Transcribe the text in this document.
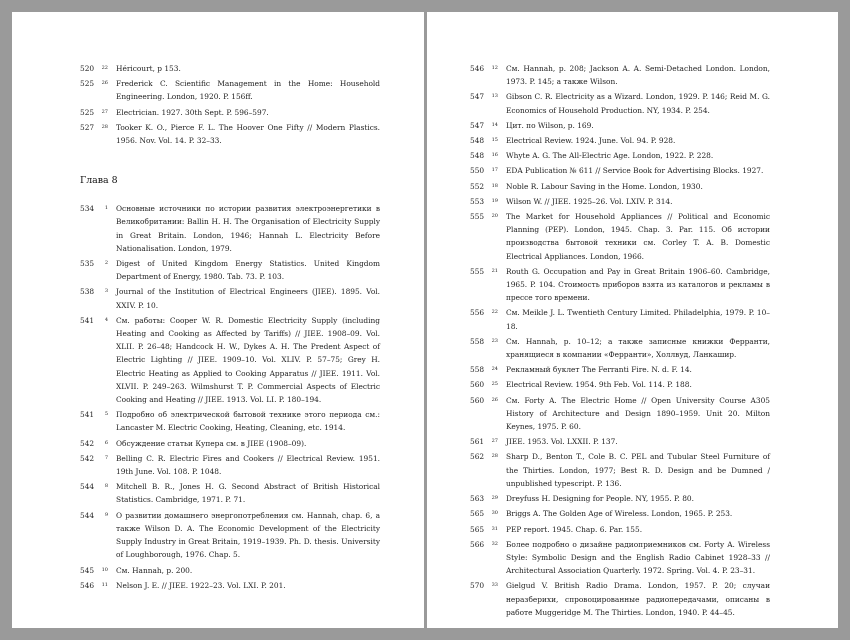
520	22 Héricourt, p 153.
525	26 Frederick C. Scientific Management in the Home: Household Engineering. London, 1920. P. 156ff.
525	27 Electrician. 1927. 30th Sept. P. 596–597.
527	28 Tooker K. O., Pierce F. L. The Hoover One Fifty // Modern Plastics. 1956. Nov. Vol. 14. P. 32–33.
Глава 8
534	1 Основные источники по истории развития электроэнергетики в Великобритании: Ballin H. H. The Organisation of Electricity Supply in Great Britain. London, 1946; Hannah L. Electricity Before Nationalisation. London, 1979.
535	2 Digest of United Kingdom Energy Statistics. United Kingdom Department of Energy, 1980. Tab. 73. P. 103.
538	3 Journal of the Institution of Electrical Engineers (JIEE). 1895. Vol. XXIV. P. 10.
541	4 См. работы: Cooper W. R. Domestic Electricity Supply (including Heating and Cooking as Affected by Tariffs) // JIEE. 1908–09. Vol. XLII. P. 26–48; Handcock H. W., Dykes A. H. The Predent Aspect of Electric Lighting // JIEE. 1909–10. Vol. XLIV. P. 57–75; Grey H. Electric Heating as Applied to Cooking Apparatus // JIEE. 1911. Vol. XLVII. P. 249–263. Wilmshurst T. P. Commercial Aspects of Electric Cooking and Heating // JIEE. 1913. Vol. LI. P. 180–194.
541	5 Подробно об электрической бытовой технике этого периода см.: Lancaster M. Electric Cooking, Heating, Cleaning, etc. 1914.
542	6 Обсуждение статьи Купера см. в JIEE (1908–09).
542	7 Belling C. R. Electric Fires and Cookers // Electrical Review. 1951. 19th June. Vol. 108. P. 1048.
544	8 Mitchell B. R., Jones H. G. Second Abstract of British Historical Statistics. Cambridge, 1971. P. 71.
544	9 О развитии домашнего энергопотребления см. Hannah, chap. 6, а также Wilson D. A. The Economic Development of the Electricity Supply Industry in Great Britain, 1919–1939. Ph. D. thesis. University of Loughborough, 1976. Chap. 5.
545	10 См. Hannah, p. 200.
546	11 Nelson J. E. // JIEE. 1922–23. Vol. LXI. P. 201.
546	12 См. Hannah, p. 208; Jackson A. A. Semi-Detached London. London, 1973. P. 145; а также Wilson.
547	13 Gibson C. R. Electricity as a Wizard. London, 1929. P. 146; Reid M. G. Economics of Household Production. NY, 1934. P. 254.
547	14 Цит. по Wilson, p. 169.
548	15 Electrical Review. 1924. June. Vol. 94. P. 928.
548	16 Whyte A. G. The All-Electric Age. London, 1922. P. 228.
550	17 EDA Publication № 611 // Service Book for Advertising Blocks. 1927.
552	18 Noble R. Labour Saving in the Home. London, 1930.
553	19 Wilson W. // JIEE. 1925–26. Vol. LXIV. P. 314.
555	20 The Market for Household Appliances // Political and Economic Planning (PEP). London, 1945. Chap. 3. Par. 115. Об истории производства бытовой техники см. Corley T. A. B. Domestic Electrical Appliances. London, 1966.
555	21 Routh G. Occupation and Pay in Great Britain 1906–60. Cambridge, 1965. P. 104. Стоимость приборов взята из каталогов и рекламы в прессе того времени.
556	22 См. Meikle J. L. Twentieth Century Limited. Philadelphia, 1979. P. 10–18.
558	23 См. Hannah, p. 10–12; а также записные книжки Ферранти, хранящиеся в компании «Ферранти», Холлвуд, Ланкашир.
558	24 Рекламный буклет The Ferranti Fire. N. d. F. 14.
560	25 Electrical Review. 1954. 9th Feb. Vol. 114. P. 188.
560	26 См. Forty A. The Electric Home // Open University Course A305 History of Architecture and Design 1890–1959. Unit 20. Milton Keynes, 1975. P. 60.
561	27 JIEE. 1953. Vol. LXXII. P. 137.
562	28 Sharp D., Benton T., Cole B. C. PEL and Tubular Steel Furniture of the Thirties. London, 1977; Best R. D. Design and be Dumned / unpublished typescript. P. 136.
563	29 Dreyfuss H. Designing for People. NY, 1955. P. 80.
565	30 Briggs A. The Golden Age of Wireless. London, 1965. P. 253.
565	31 PEP report. 1945. Chap. 6. Par. 155.
566	32 Более подробно о дизайне радиоприемников см. Forty A. Wireless Style: Symbolic Design and the English Radio Cabinet 1928–33 // Architectural Association Quarterly. 1972. Spring. Vol. 4. P. 23–31.
570	33 Gielgud V. British Radio Drama. London, 1957. P. 20; случаи неразберихи, спровоцированные радиопередачами, описаны в работе Muggeridge M. The Thirties. London, 1940. P. 44–45.
